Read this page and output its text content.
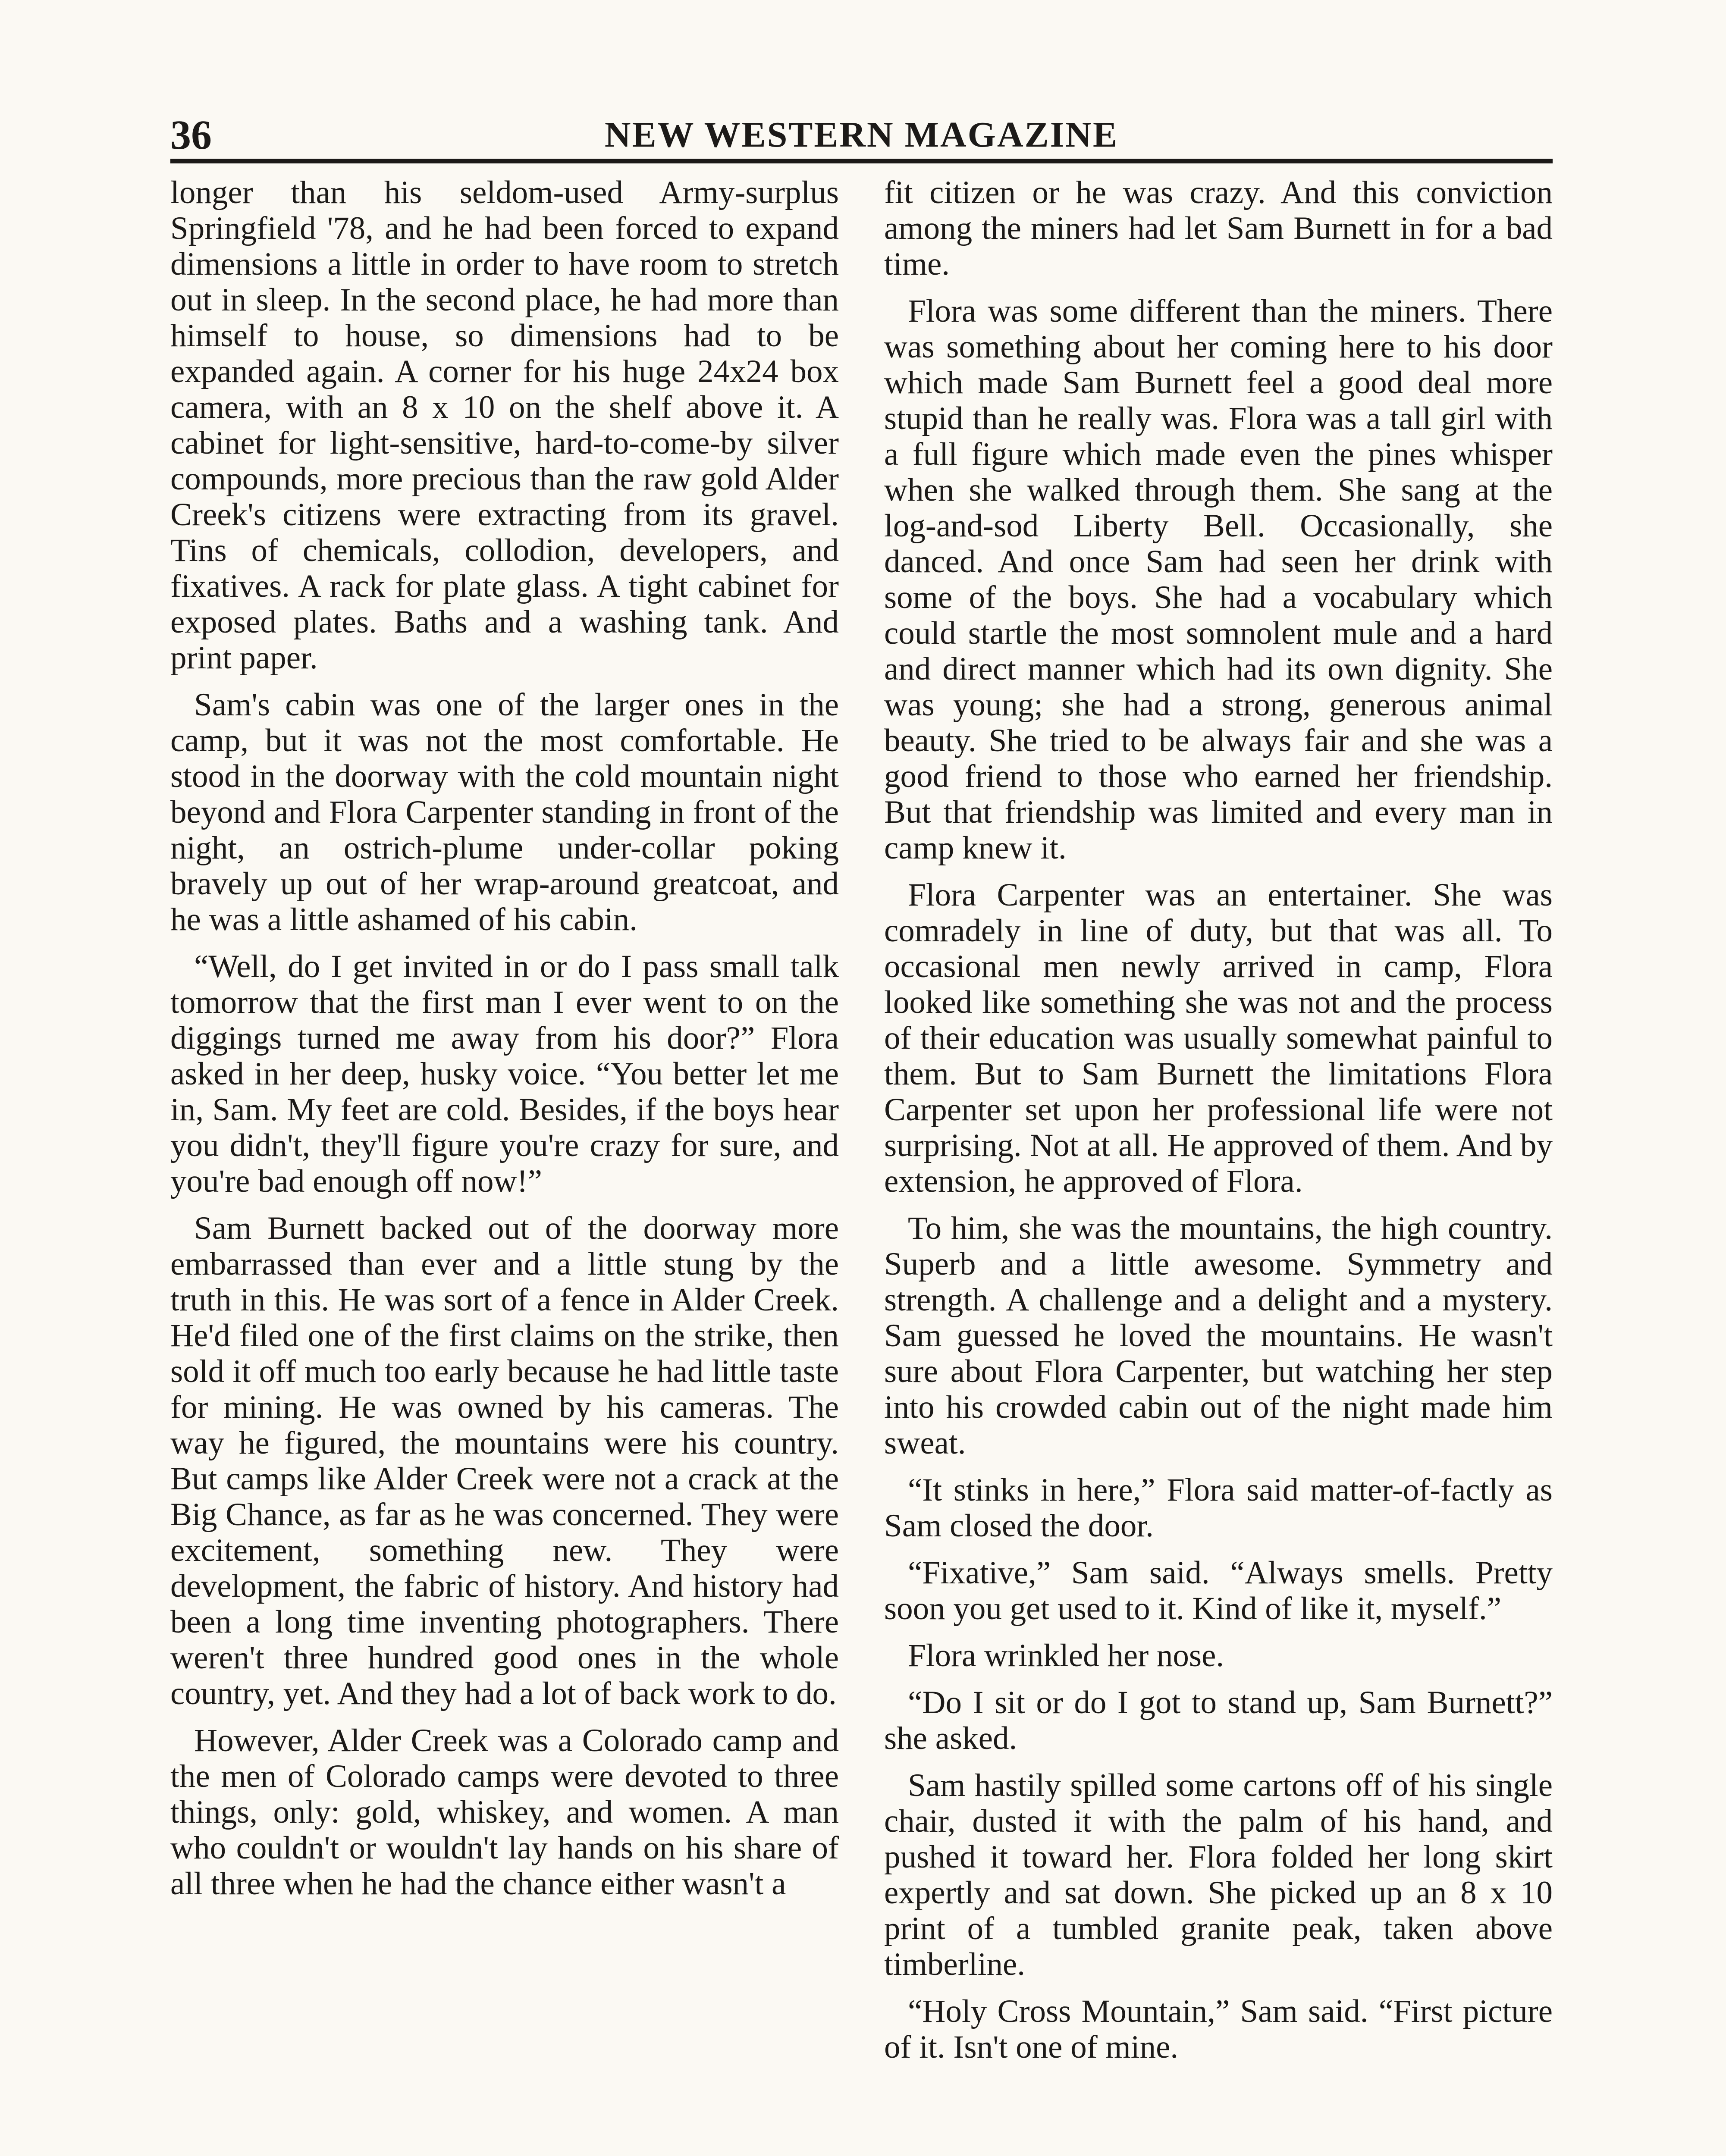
36	NEW WESTERN MAGAZINE

longer than his seldom-used Army-surplus Springfield '78, and he had been forced to expand dimensions a little in order to have room to stretch out in sleep. In the second place, he had more than himself to house, so dimensions had to be expanded again. A corner for his huge 24x24 box camera, with an 8 x 10 on the shelf above it. A cabinet for light-sensitive, hard-to-come-by silver compounds, more precious than the raw gold Alder Creek's citizens were extracting from its gravel. Tins of chemicals, collodion, developers, and fixatives. A rack for plate glass. A tight cabinet for exposed plates. Baths and a washing tank. And print paper.

Sam's cabin was one of the larger ones in the camp, but it was not the most comfortable. He stood in the doorway with the cold mountain night beyond and Flora Carpenter standing in front of the night, an ostrich-plume under-collar poking bravely up out of her wrap-around greatcoat, and he was a little ashamed of his cabin.

“Well, do I get invited in or do I pass small talk tomorrow that the first man I ever went to on the diggings turned me away from his door?” Flora asked in her deep, husky voice. “You better let me in, Sam. My feet are cold. Besides, if the boys hear you didn't, they'll figure you're crazy for sure, and you're bad enough off now!”

Sam Burnett backed out of the doorway more embarrassed than ever and a little stung by the truth in this. He was sort of a fence in Alder Creek. He'd filed one of the first claims on the strike, then sold it off much too early because he had little taste for mining. He was owned by his cameras. The way he figured, the mountains were his country. But camps like Alder Creek were not a crack at the Big Chance, as far as he was concerned. They were excitement, something new. They were development, the fabric of history. And history had been a long time inventing photographers. There weren't three hundred good ones in the whole country, yet. And they had a lot of back work to do.

However, Alder Creek was a Colorado camp and the men of Colorado camps were devoted to three things, only: gold, whiskey, and women. A man who couldn't or wouldn't lay hands on his share of all three when he had the chance either wasn't a

fit citizen or he was crazy. And this conviction among the miners had let Sam Burnett in for a bad time.

Flora was some different than the miners. There was something about her coming here to his door which made Sam Burnett feel a good deal more stupid than he really was. Flora was a tall girl with a full figure which made even the pines whisper when she walked through them. She sang at the log-and-sod Liberty Bell. Occasionally, she danced. And once Sam had seen her drink with some of the boys. She had a vocabulary which could startle the most somnolent mule and a hard and direct manner which had its own dignity. She was young; she had a strong, generous animal beauty. She tried to be always fair and she was a good friend to those who earned her friendship. But that friendship was limited and every man in camp knew it.

Flora Carpenter was an entertainer. She was comradely in line of duty, but that was all. To occasional men newly arrived in camp, Flora looked like something she was not and the process of their education was usually somewhat painful to them. But to Sam Burnett the limitations Flora Carpenter set upon her professional life were not surprising. Not at all. He approved of them. And by extension, he approved of Flora.

To him, she was the mountains, the high country. Superb and a little awesome. Symmetry and strength. A challenge and a delight and a mystery. Sam guessed he loved the mountains. He wasn't sure about Flora Carpenter, but watching her step into his crowded cabin out of the night made him sweat.

“It stinks in here,” Flora said matter-of-factly as Sam closed the door.

“Fixative,” Sam said. “Always smells. Pretty soon you get used to it. Kind of like it, myself.”

Flora wrinkled her nose.

“Do I sit or do I got to stand up, Sam Burnett?” she asked.

Sam hastily spilled some cartons off of his single chair, dusted it with the palm of his hand, and pushed it toward her. Flora folded her long skirt expertly and sat down. She picked up an 8 x 10 print of a tumbled granite peak, taken above timberline.

“Holy Cross Mountain,” Sam said. “First picture of it. Isn't one of mine.
